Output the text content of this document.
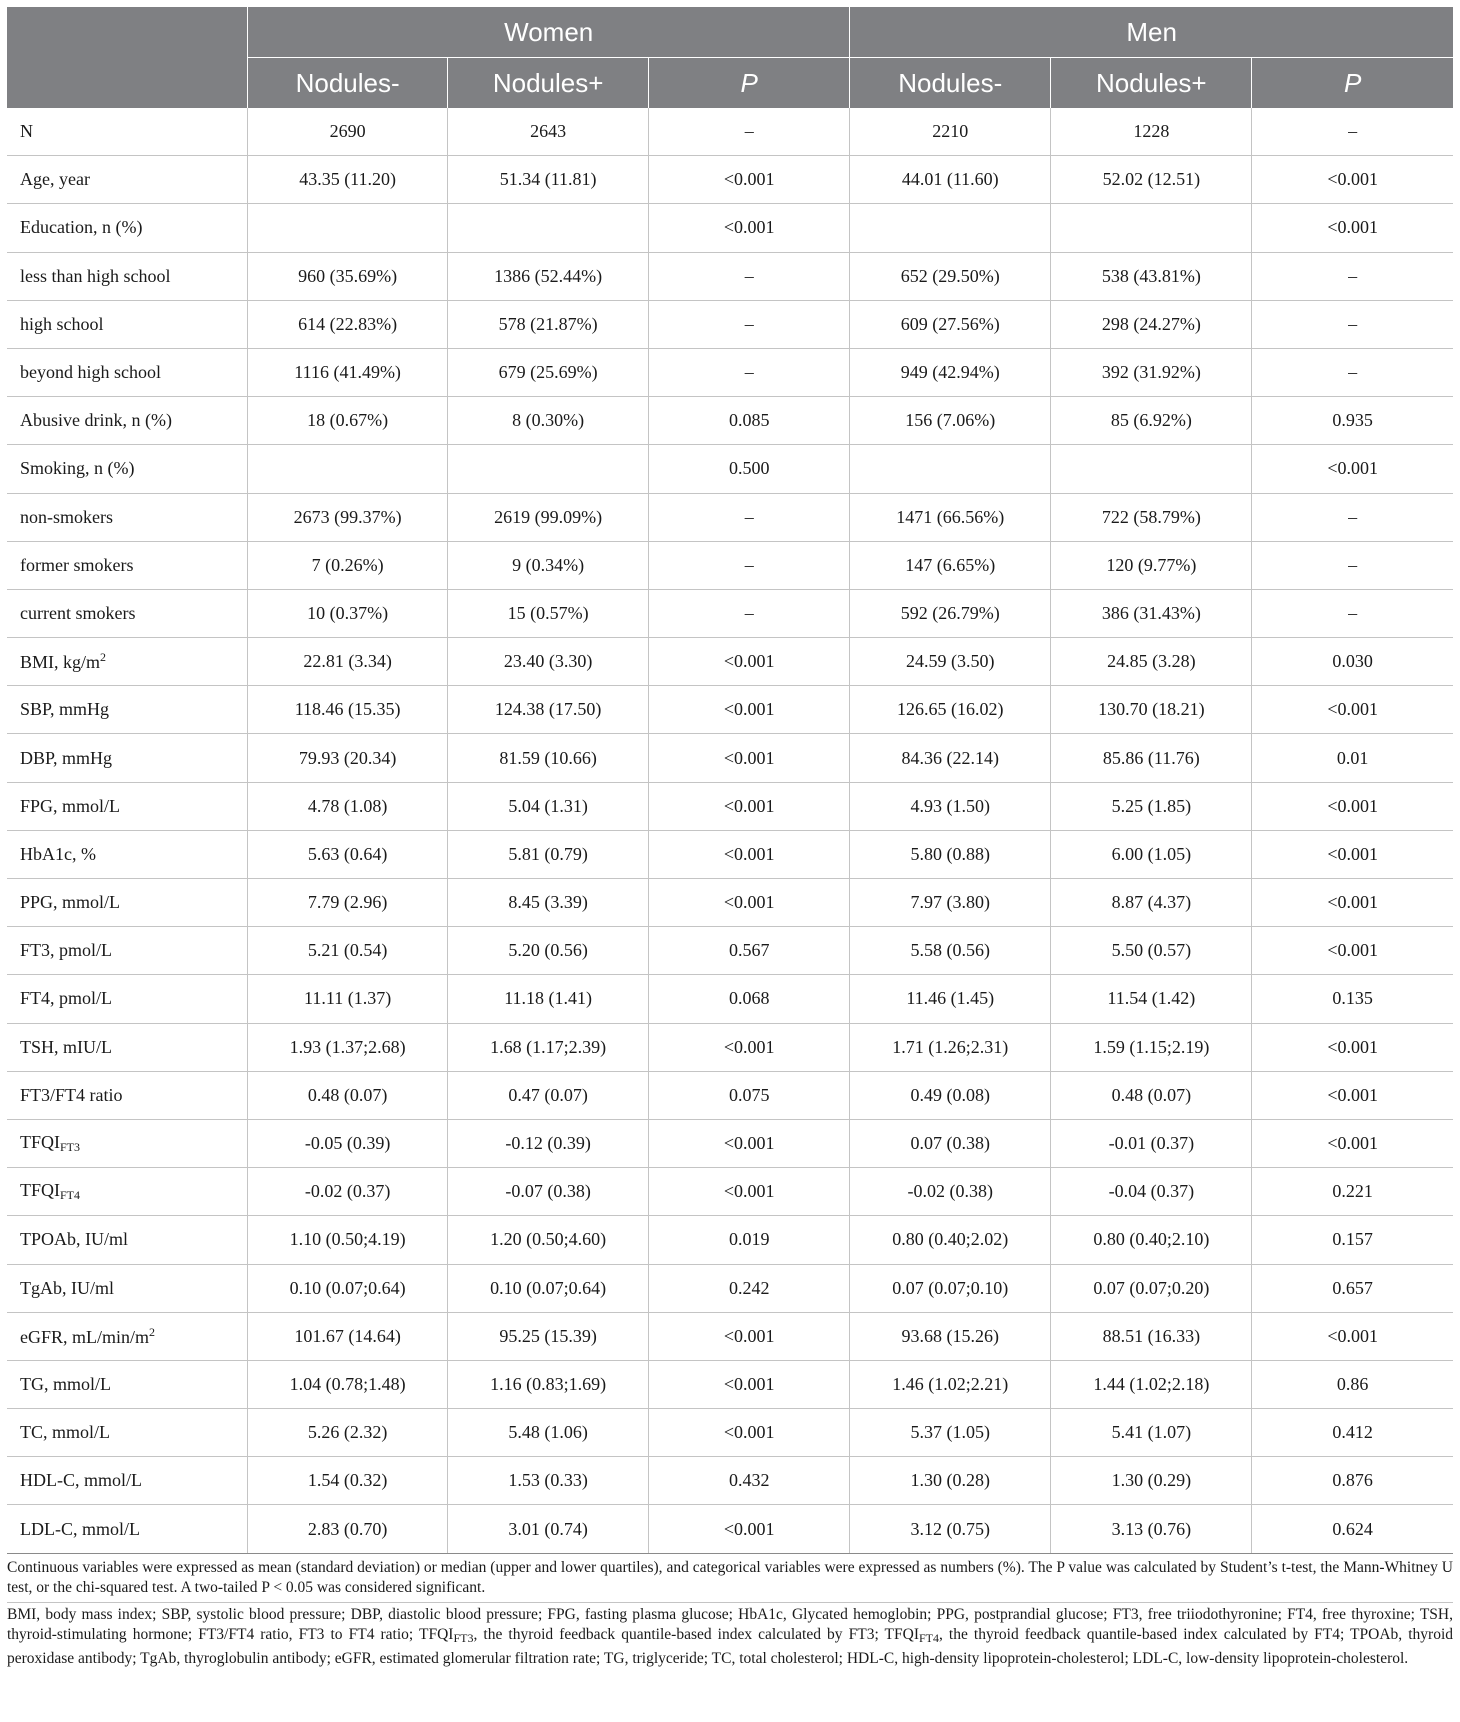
	Women			Men		
	Nodules-	Nodules+	P	Nodules-	Nodules+	P
N	2690	2643	–	2210	1228	–
Age, year	43.35 (11.20)	51.34 (11.81)	<0.001	44.01 (11.60)	52.02 (12.51)	<0.001
Education, n (%)			<0.001			<0.001
less than high school	960 (35.69%)	1386 (52.44%)	–	652 (29.50%)	538 (43.81%)	–
high school	614 (22.83%)	578 (21.87%)	–	609 (27.56%)	298 (24.27%)	–
beyond high school	1116 (41.49%)	679 (25.69%)	–	949 (42.94%)	392 (31.92%)	–
Abusive drink, n (%)	18 (0.67%)	8 (0.30%)	0.085	156 (7.06%)	85 (6.92%)	0.935
Smoking, n (%)			0.500			<0.001
non-smokers	2673 (99.37%)	2619 (99.09%)	–	1471 (66.56%)	722 (58.79%)	–
former smokers	7 (0.26%)	9 (0.34%)	–	147 (6.65%)	120 (9.77%)	–
current smokers	10 (0.37%)	15 (0.57%)	–	592 (26.79%)	386 (31.43%)	–
BMI, $kg/m^2$	22.81 (3.34)	23.40 (3.30)	<0.001	24.59 (3.50)	24.85 (3.28)	0.030
SBP, mmHg	118.46 (15.35)	124.38 (17.50)	<0.001	126.65 (16.02)	130.70 (18.21)	<0.001
DBP, mmHg	79.93 (20.34)	81.59 (10.66)	<0.001	84.36 (22.14)	85.86 (11.76)	0.01
FPG, mmol/L	4.78 (1.08)	5.04 (1.31)	<0.001	4.93 (1.50)	5.25 (1.85)	<0.001
HbA1c, %	5.63 (0.64)	5.81 (0.79)	<0.001	5.80 (0.88)	6.00 (1.05)	<0.001
PPG, mmol/L	7.79 (2.96)	8.45 (3.39)	<0.001	7.97 (3.80)	8.87 (4.37)	<0.001
FT3, pmol/L	5.21 (0.54)	5.20 (0.56)	0.567	5.58 (0.56)	5.50 (0.57)	<0.001
FT4, pmol/L	11.11 (1.37)	11.18 (1.41)	0.068	11.46 (1.45)	11.54 (1.42)	0.135
TSH, mIU/L	1.93 (1.37;2.68)	1.68 (1.17;2.39)	<0.001	1.71 (1.26;2.31)	1.59 (1.15;2.19)	<0.001
FT3/FT4 ratio	0.48 (0.07)	0.47 (0.07)	0.075	0.49 (0.08)	0.48 (0.07)	<0.001
$TFQI_{FT3}$	-0.05 (0.39)	-0.12 (0.39)	<0.001	0.07 (0.38)	-0.01 (0.37)	<0.001
$TFQI_{FT4}$	-0.02 (0.37)	-0.07 (0.38)	<0.001	-0.02 (0.38)	-0.04 (0.37)	0.221
TPOAb, IU/ml	1.10 (0.50;4.19)	1.20 (0.50;4.60)	0.019	0.80 (0.40;2.02)	0.80 (0.40;2.10)	0.157
TgAb, IU/ml	0.10 (0.07;0.64)	0.10 (0.07;0.64)	0.242	0.07 (0.07;0.10)	0.07 (0.07;0.20)	0.657
eGFR, $mL/\min/m^2$	101.67 (14.64)	95.25 (15.39)	<0.001	93.68 (15.26)	88.51 (16.33)	<0.001
TG, mmol/L	1.04 (0.78;1.48)	1.16 (0.83;1.69)	<0.001	1.46 (1.02;2.21)	1.44 (1.02;2.18)	0.86
TC, mmol/L	5.26 (2.32)	5.48 (1.06)	<0.001	5.37 (1.05)	5.41 (1.07)	0.412
HDL-C, mmol/L	1.54 (0.32)	1.53 (0.33)	0.432	1.30 (0.28)	1.30 (0.29)	0.876
LDL-C, mmol/L	2.83 (0.70)	3.01 (0.74)	<0.001	3.12 (0.75)	3.13 (0.76)	0.624

Continuous variables were expressed as mean (standard deviation) or median (upper and lower quartiles), and categorical variables were expressed as numbers (%). The P value was calculated by Student’s t-test, the Mann-Whitney U test, or the chi-squared test. A two-tailed P < 0.05 was considered significant.

BMI, body mass index; SBP, systolic blood pressure; DBP, diastolic blood pressure; FPG, fasting plasma glucose; HbA1c, Glycated hemoglobin; PPG, postprandial glucose; FT3, free triiodothyronine; FT4, free thyroxine; TSH, thyroid-stimulating hormone; FT3/FT4 ratio, FT3 to FT4 ratio; $TFQI_{FT3}$, the thyroid feedback quantile-based index calculated by FT3; $TFQI_{FT4}$, the thyroid feedback quantile-based index calculated by FT4; TPOAb, thyroid peroxidase antibody; TgAb, thyroglobulin antibody; eGFR, estimated glomerular filtration rate; TG, triglyceride; TC, total cholesterol; HDL-C, high-density lipoprotein-cholesterol; LDL-C, low-density lipoprotein-cholesterol.
